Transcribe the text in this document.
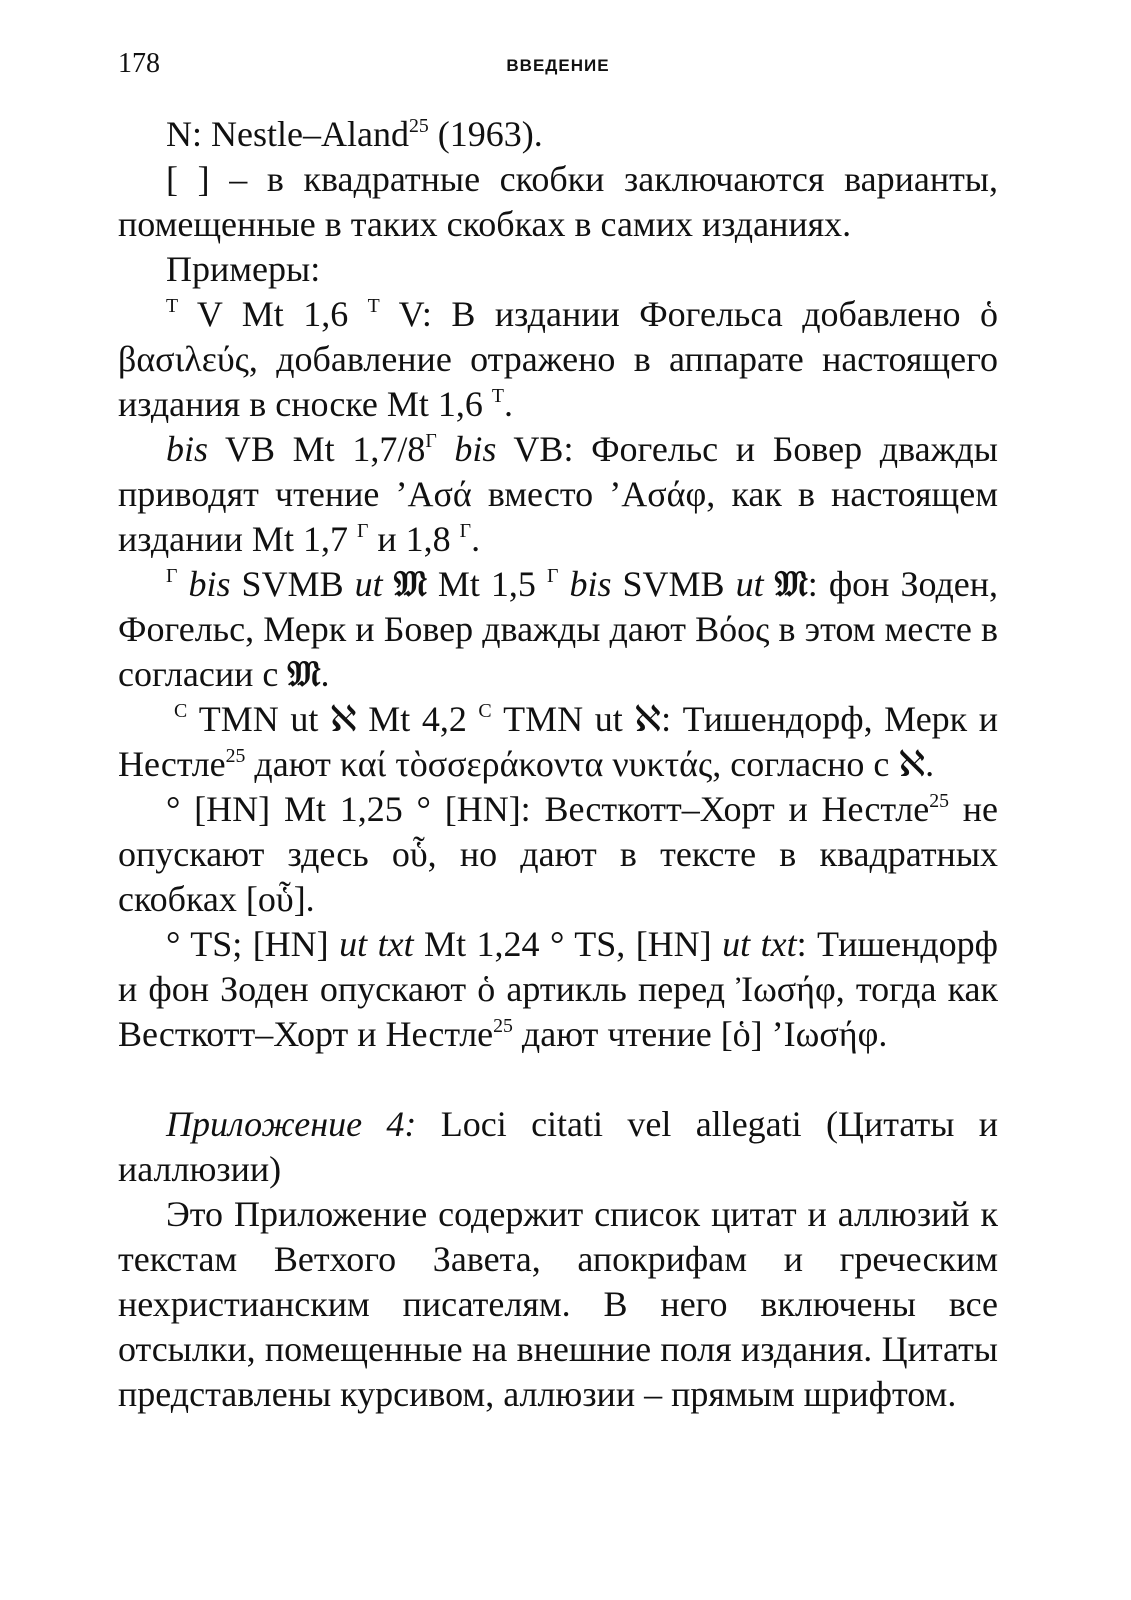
178	ВВЕДЕНИЕ

N: Nestle–Aland$^{25}$ (1963).

[ ] – в квадратные скобки заключаются варианты, помещенные в таких скобках в самих изданиях.

Примеры:

$^T$ V Mt 1,6 $^T$ V: В издании Фогельса добавлено ὁ βασιλεύς, добавление отражено в аппарате настоящего издания в сноске Mt 1,6 $^T$.

bis VB Mt $1,7/8^Г$ bis VB: Фогельс и Бовер дважды приводят чтение ’Ασά вместо ’Ασάφ, как в настоящем издании Mt 1,7 $^Г$ и 1,8 $^Г$.

$^Г$ bis SVMB ut 𝔐 Mt 1,5 $^Г$ bis SVMB ut 𝔐: фон Зоден, Фогельс, Мерк и Бовер дважды дают Βόος в этом месте в согласии с 𝔐.

$^Ϲ$ TMN ut ℵ Mt 4,2 $^Ϲ$ TMN ut ℵ: Тишендорф, Мерк и Нестле$^{25}$ дают καί τὸσσεράκοντα νυκτάς, согласно с ℵ.

° [HN] Mt 1,25 ° [HN]: Весткотт–Хорт и Нестле$^{25}$ не опускают здесь οὗ, но дают в тексте в квадратных скобках [οὗ].

° TS; [HN] ut txt Mt 1,24 ° TS, [HN] ut txt: Тишендорф и фон Зоден опускают ὁ артикль перед Ἰωσήφ, тогда как Весткотт–Хорт и Нестле$^{25}$ дают чтение [ὁ] ’Ιωσήφ.

Приложение 4: Loci citati vel allegati (Цитаты и иаллюзии)

Это Приложение содержит список цитат и аллюзий к текстам Ветхого Завета, апокрифам и греческим нехристианским писателям. В него включены все отсылки, помещенные на внешние поля издания. Цитаты представлены курсивом, аллюзии – прямым шрифтом.
